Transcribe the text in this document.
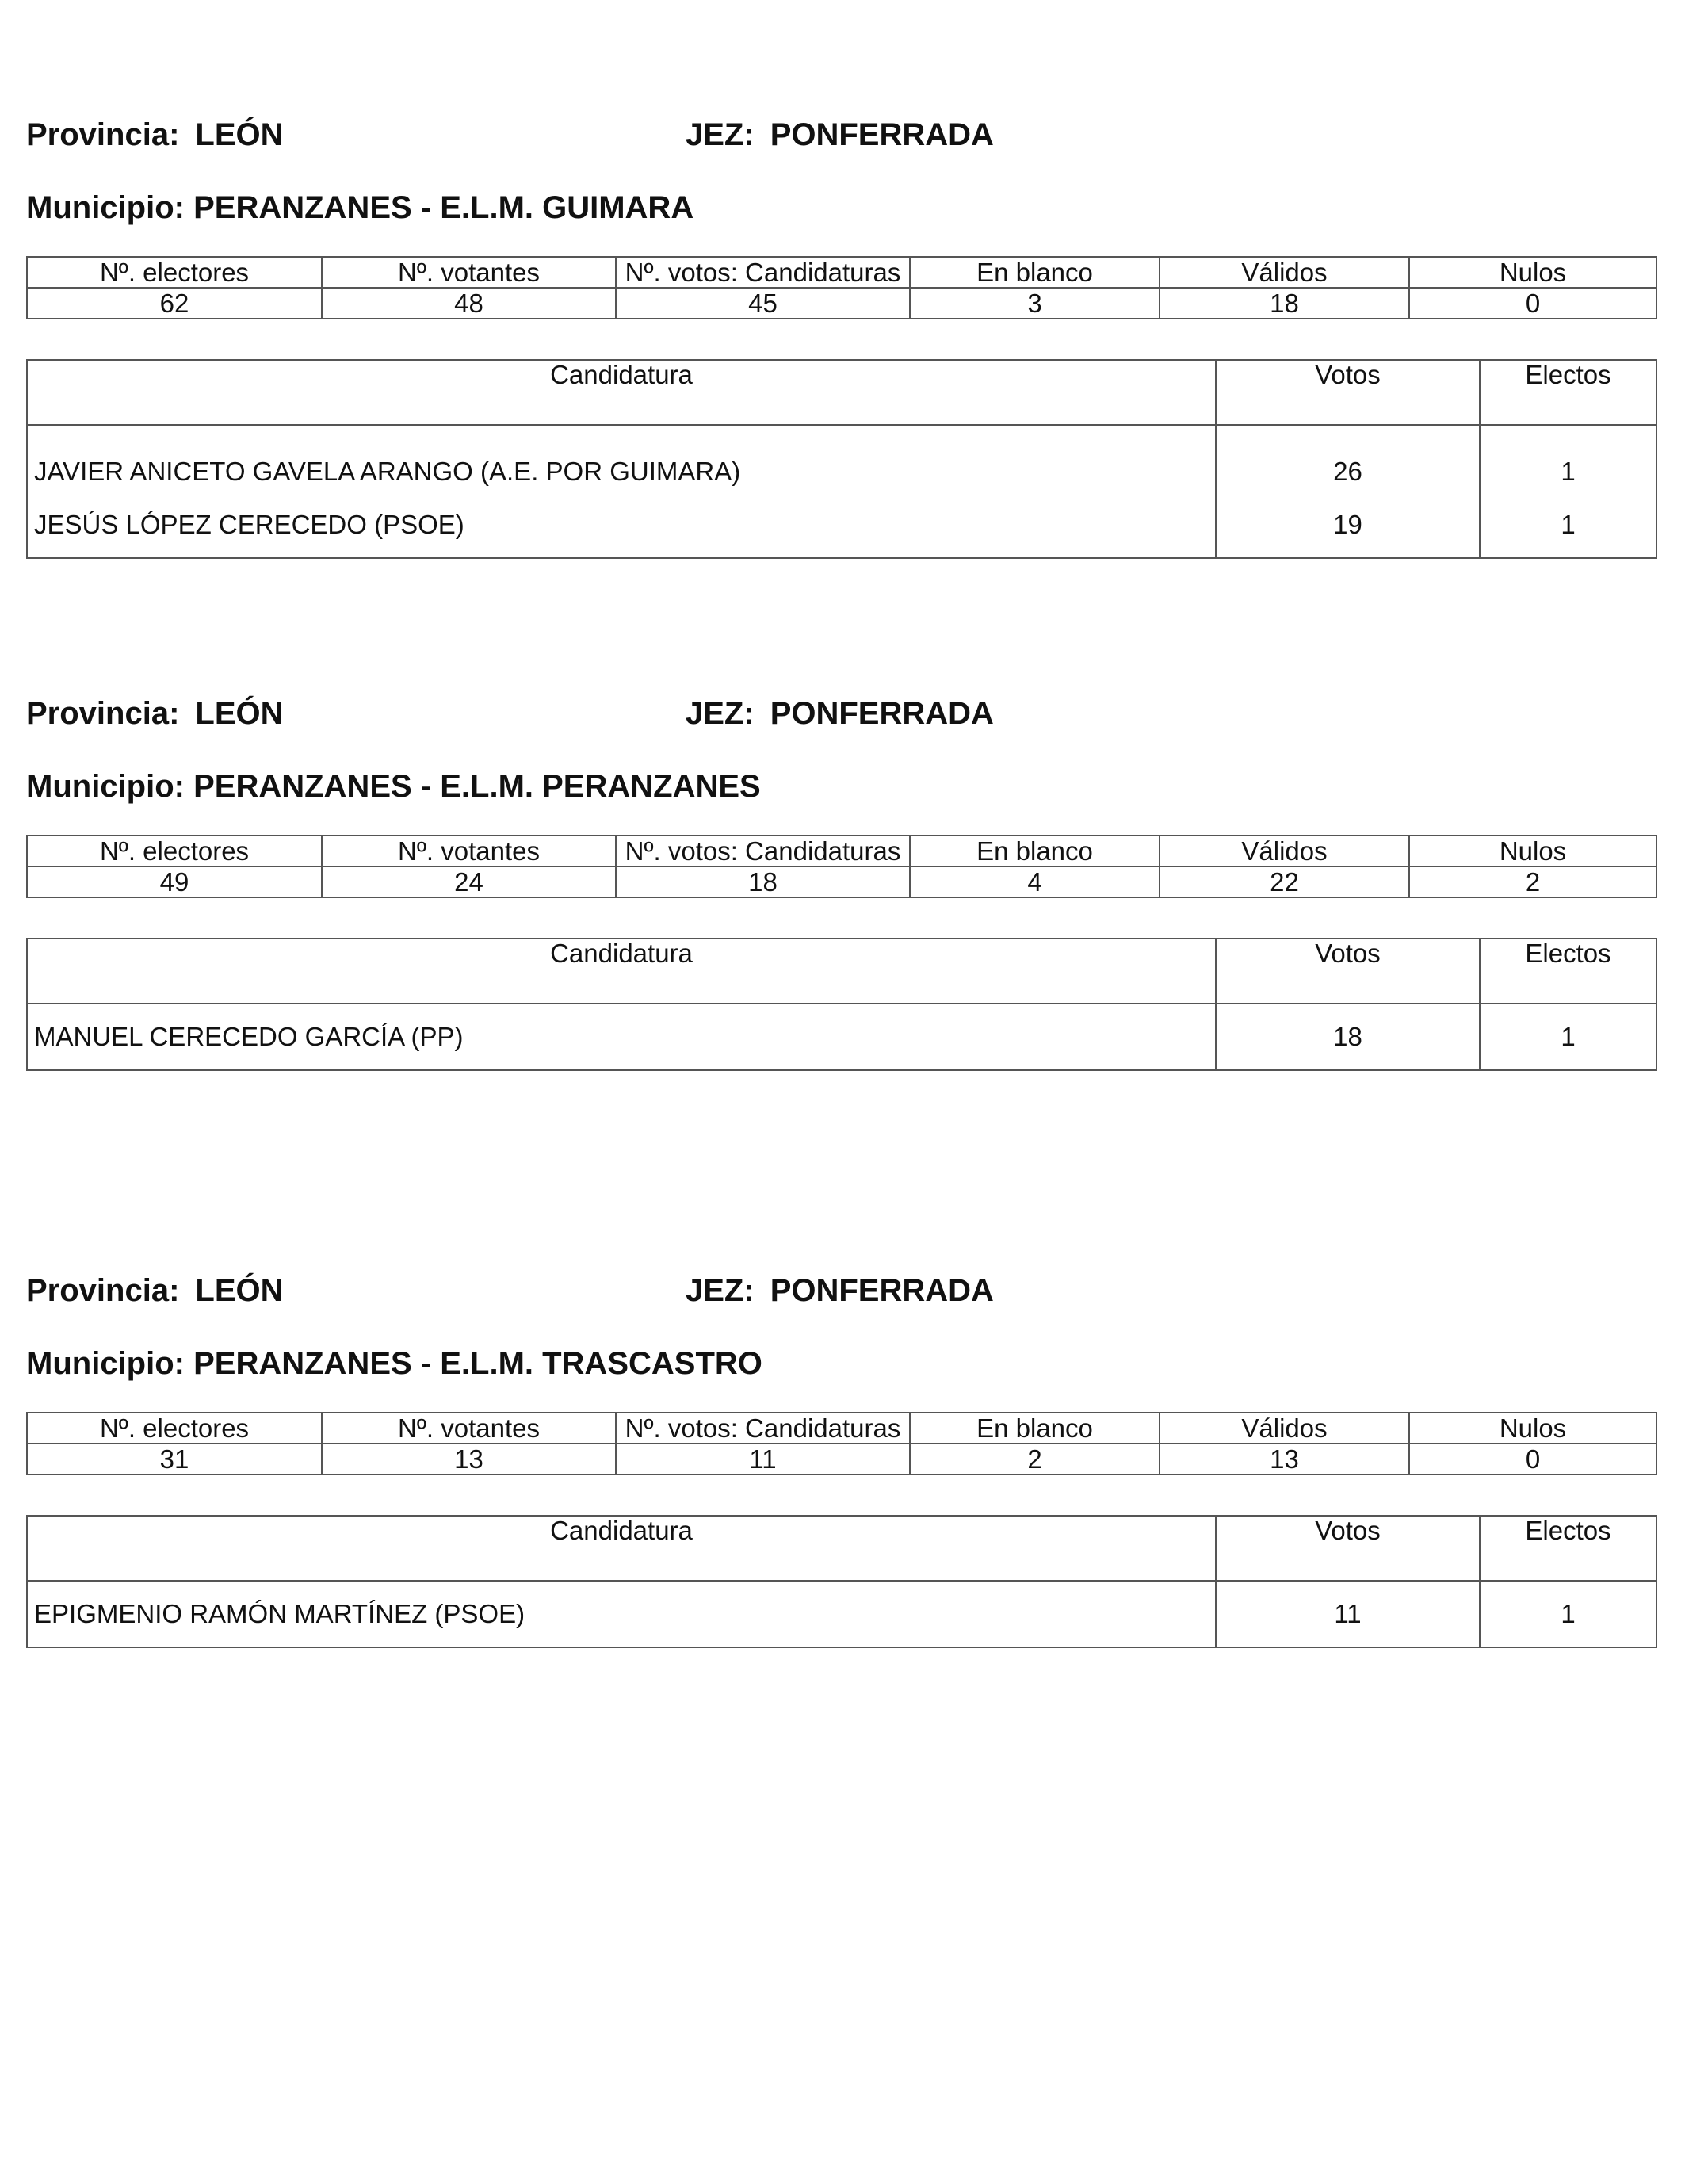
Provincia: LEÓN	JEZ: PONFERRADA
Municipio: PERANZANES - E.L.M. GUIMARA
Nº. electores	Nº. votantes	Nº. votos: Candidaturas	En blanco	Válidos	Nulos
62	48	45	3	18	0
Candidatura	Votos	Electos
JAVIER ANICETO GAVELA ARANGO (A.E. POR GUIMARA)	26	1
JESÚS LÓPEZ CERECEDO (PSOE)	19	1
Provincia: LEÓN	JEZ: PONFERRADA
Municipio: PERANZANES - E.L.M. PERANZANES
Nº. electores	Nº. votantes	Nº. votos: Candidaturas	En blanco	Válidos	Nulos
49	24	18	4	22	2
Candidatura	Votos	Electos
MANUEL CERECEDO GARCÍA (PP)	18	1
Provincia: LEÓN	JEZ: PONFERRADA
Municipio: PERANZANES - E.L.M. TRASCASTRO
Nº. electores	Nº. votantes	Nº. votos: Candidaturas	En blanco	Válidos	Nulos
31	13	11	2	13	0
Candidatura	Votos	Electos
EPIGMENIO RAMÓN MARTÍNEZ (PSOE)	11	1
